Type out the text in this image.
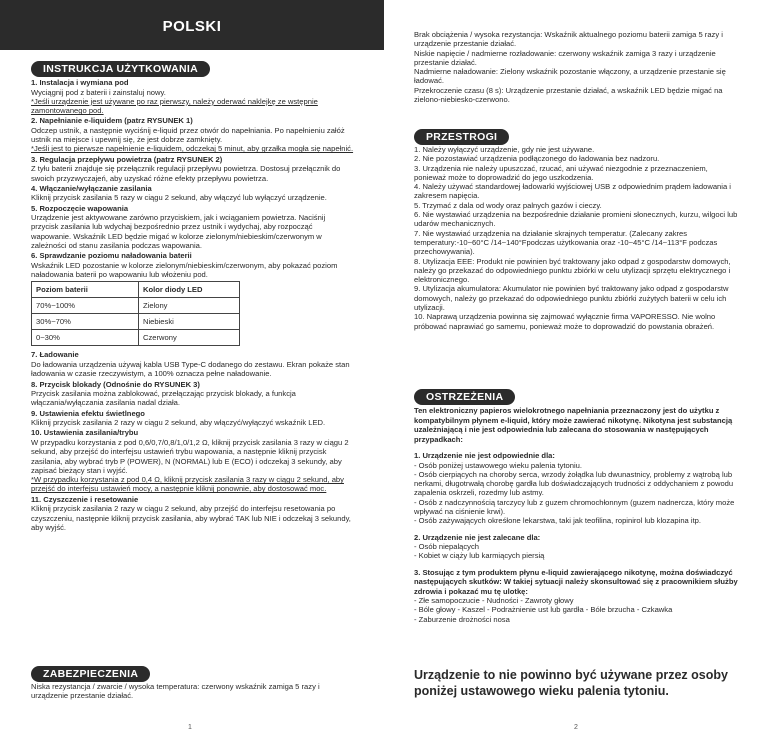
POLSKI
INSTRUKCJA UŻYTKOWANIA
1. Instalacja i wymiana pod
Wyciągnij pod z baterii i zainstaluj nowy.
*Jeśli urządzenie jest używane po raz pierwszy, należy oderwać naklejkę ze wstępnie zamontowanego pod.
2. Napełnianie e-liquidem (patrz RYSUNEK 1)
Odczep ustnik, a następnie wyciśnij e-liquid przez otwór do napełniania. Po napełnieniu załóż ustnik na miejsce i upewnij się, że jest dobrze zamknięty.
*Jeśli jest to pierwsze napełnienie e-liquidem, odczekaj 5 minut, aby grzałka mogła się napełnić.
3. Regulacja przepływu powietrza (patrz RYSUNEK 2)
Z tyłu baterii znajduje się przełącznik regulacji przepływu powietrza. Dostosuj przełącznik do swoich przyzwyczajeń, aby uzyskać różne efekty przepływu powietrza.
4. Włączanie/wyłączanie zasilania
Kliknij przycisk zasilania 5 razy w ciągu 2 sekund, aby włączyć lub wyłączyć urządzenie.
5. Rozpoczęcie wapowania
Urządzenie jest aktywowane zarówno przyciskiem, jak i wciąganiem powietrza. Naciśnij przycisk zasilania lub wdychaj bezpośrednio przez ustnik i wydychaj, aby rozpocząć wapowanie. Wskaźnik LED będzie migać w kolorze zielonym/niebieskim/czerwonym w zależności od stanu zasilania podczas wapowania.
6. Sprawdzanie poziomu naładowania baterii
Wskaźnik LED pozostanie w kolorze zielonym/niebieskim/czerwonym, aby pokazać poziom naładowania baterii po wapowaniu lub włożeniu pod.
Poziom baterii	Kolor diody LED
70%~100%	Zielony
30%~70%	Niebieski
0~30%	Czerwony
7. Ładowanie
Do ładowania urządzenia używaj kabla USB Type-C dodanego do zestawu. Ekran pokaże stan ładowania w czasie rzeczywistym, a 100% oznacza pełne naładowanie.
8. Przycisk blokady (Odnośnie do RYSUNEK 3)
Przycisk zasilania można zablokować, przełączając przycisk blokady, a funkcja włączania/wyłączania zasilania nadal działa.
9. Ustawienia efektu świetlnego
Kliknij przycisk zasilania 2 razy w ciągu 2 sekund, aby włączyć/wyłączyć wskaźnik LED.
10. Ustawienia zasilania/trybu
W przypadku korzystania z pod 0,6/0,7/0,8/1,0/1,2 Ω, kliknij przycisk zasilania 3 razy w ciągu 2 sekund, aby przejść do interfejsu ustawień trybu wapowania, a następnie kliknij przycisk zasilania, aby wybrać tryb P (POWER), N (NORMAL) lub E (ECO) i odczekaj 3 sekundy, aby zapisać bieżący stan i wyjść.
*W przypadku korzystania z pod 0,4 Ω, kliknij przycisk zasilania 3 razy w ciągu 2 sekund, aby przejść do interfejsu ustawień mocy, a następnie kliknij ponownie, aby dostosować moc.
11. Czyszczenie i resetowanie
Kliknij przycisk zasilania 2 razy w ciągu 2 sekund, aby przejść do interfejsu resetowania po czyszczeniu, następnie kliknij przycisk zasilania, aby wybrać TAK lub NIE i odczekaj 3 sekundy, aby wyjść.
ZABEZPIECZENIA
Niska rezystancja / zwarcie / wysoka temperatura: czerwony wskaźnik zamiga 5 razy i urządzenie przestanie działać.
1
Brak obciążenia / wysoka rezystancja: Wskaźnik aktualnego poziomu baterii zamiga 5 razy i urządzenie przestanie działać.
Niskie napięcie / nadmierne rozładowanie: czerwony wskaźnik zamiga 3 razy i urządzenie przestanie działać.
Nadmierne naładowanie: Zielony wskaźnik pozostanie włączony, a urządzenie przestanie się ładować.
Przekroczenie czasu (8 s): Urządzenie przestanie działać, a wskaźnik LED będzie migać na zielono-niebiesko-czerwono.
PRZESTROGI
1. Należy wyłączyć urządzenie, gdy nie jest używane.
2. Nie pozostawiać urządzenia podłączonego do ładowania bez nadzoru.
3. Urządzenia nie należy upuszczać, rzucać, ani używać niezgodnie z przeznaczeniem, ponieważ może to doprowadzić do jego uszkodzenia.
4. Należy używać standardowej ładowarki wyjściowej USB z odpowiednim prądem ładowania i zakresem napięcia.
5. Trzymać z dala od wody oraz palnych gazów i cieczy.
6. Nie wystawiać urządzenia na bezpośrednie działanie promieni słonecznych, kurzu, wilgoci lub udarów mechanicznych.
7. Nie wystawiać urządzenia na działanie skrajnych temperatur. (Zalecany zakres temperatury:-10~60°C /14~140°Fpodczas użytkowania oraz -10~45°C /14~113°F podczas przechowywania).
8. Utylizacja EEE: Produkt nie powinien być traktowany jako odpad z gospodarstw domowych, należy go przekazać do odpowiedniego punktu zbiórki w celu utylizacji sprzętu elektrycznego i elektronicznego.
9. Utylizacja akumulatora: Akumulator nie powinien być traktowany jako odpad z gospodarstw domowych, należy go przekazać do odpowiedniego punktu zbiórki zużytych baterii w celu ich utylizacji.
10. Naprawą urządzenia powinna się zajmować wyłącznie firma VAPORESSO. Nie wolno próbować naprawiać go samemu, ponieważ może to doprowadzić do powstania obrażeń.
OSTRZEŻENIA
Ten elektroniczny papieros wielokrotnego napełniania przeznaczony jest do użytku z kompatybilnym płynem e-liquid, który może zawierać nikotynę. Nikotyna jest substancją uzależniającą i nie jest odpowiednia lub zalecana do stosowania w następujących przypadkach:
1. Urządzenie nie jest odpowiednie dla:
- Osób poniżej ustawowego wieku palenia tytoniu.
- Osób cierpiących na choroby serca, wrzody żołądka lub dwunastnicy, problemy z wątrobą lub nerkami, długotrwałą chorobę gardła lub doświadczających trudności z oddychaniem z powodu zapalenia oskrzeli, rozedmy lub astmy.
- Osób z nadczynnością tarczycy lub z guzem chromochłonnym (guzem nadnercza, który może wpływać na ciśnienie krwi).
- Osób zażywających okreśłone lekarstwa, taki jak teofilina, ropinirol lub klozapina itp.
2. Urządzenie nie jest zalecane dla:
- Osób niepalących
- Kobiet w ciąży lub karmiących piersią
3. Stosując z tym produktem płynu e-liquid zawierającego nikotynę, można doświadczyć następujących skutków: W takiej sytuacji należy skonsultować się z pracownikiem służby zdrowia i pokazać mu tę ulotkę:
- Złe samopoczucie - Nudności - Zawroty głowy
- Bóle głowy - Kaszel - Podrażnienie ust lub gardła - Bóle brzucha - Czkawka
- Zaburzenie drożności nosa
Urządzenie to nie powinno być używane przez osoby poniżej ustawowego wieku palenia tytoniu.
2
